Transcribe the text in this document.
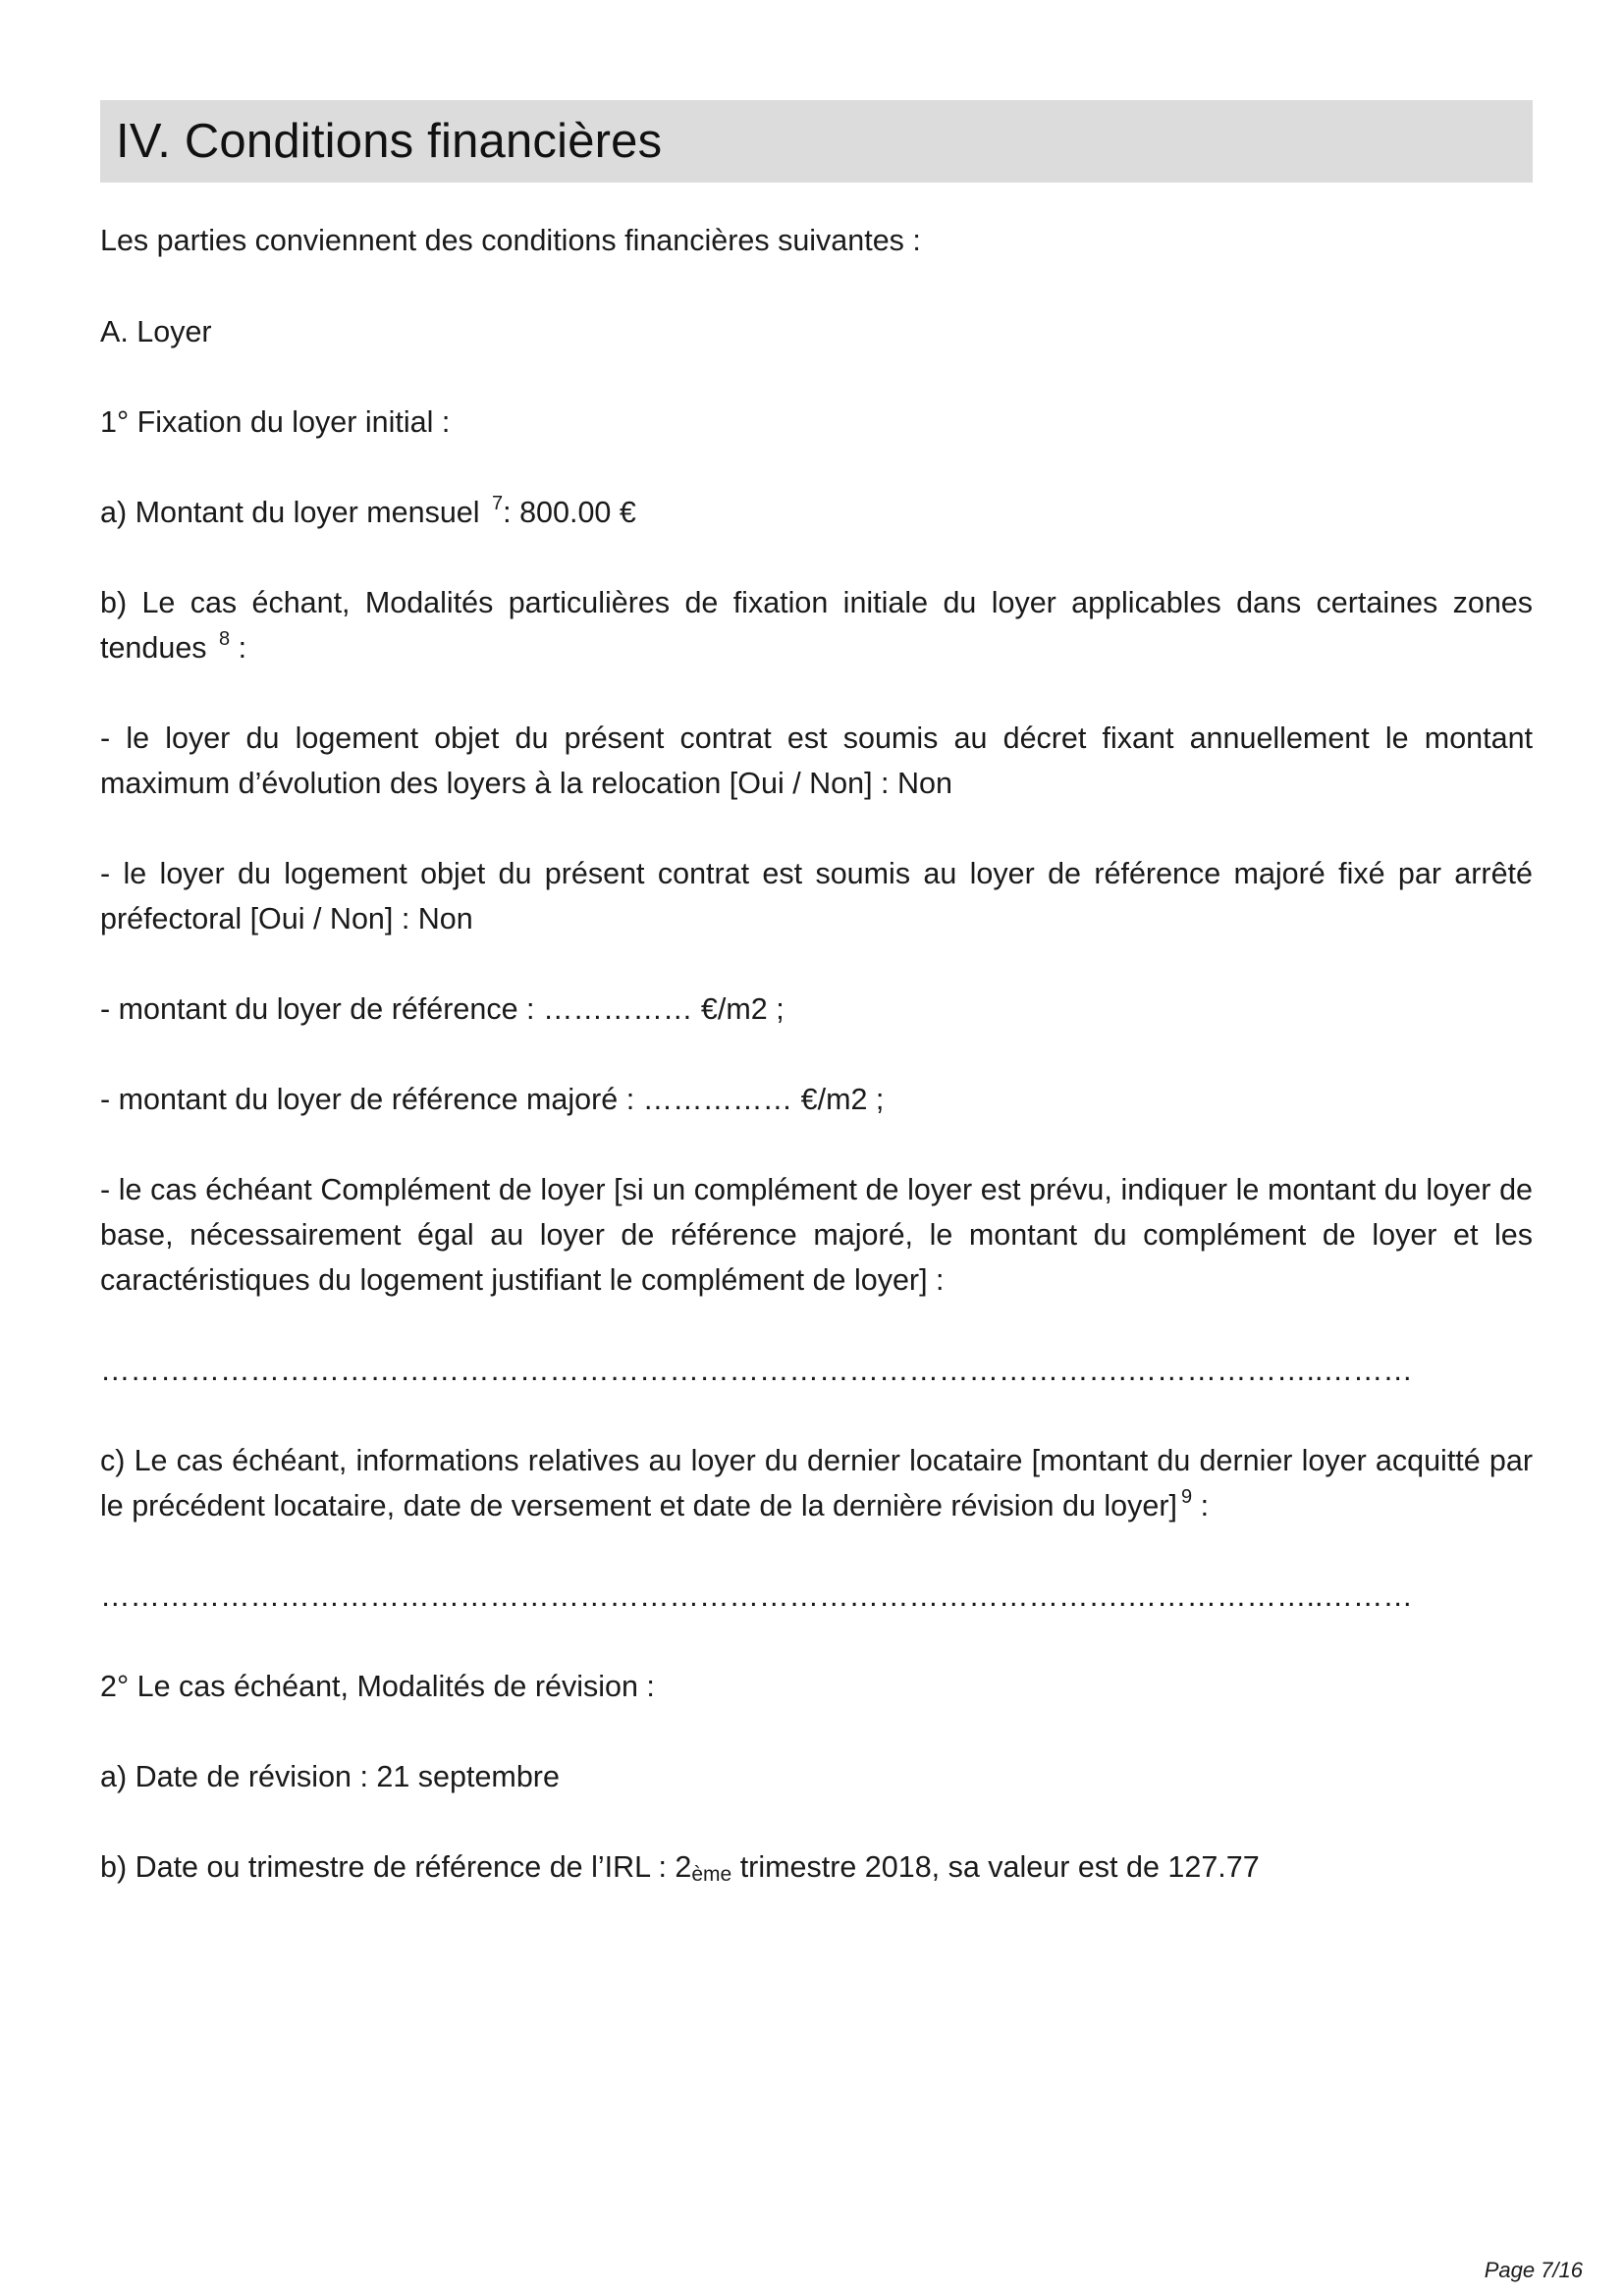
IV. Conditions financières

Les parties conviennent des conditions financières suivantes :

A. Loyer

1° Fixation du loyer initial :

a) Montant du loyer mensuel $^7$: 800.00 €

b) Le cas échant, Modalités particulières de fixation initiale du loyer applicables dans certaines zones tendues $^8$ :

- le loyer du logement objet du présent contrat est soumis au décret fixant annuellement le montant maximum d’évolution des loyers à la relocation [Oui / Non] : Non

- le loyer du logement objet du présent contrat est soumis au loyer de référence majoré fixé par arrêté préfectoral [Oui / Non] : Non

- montant du loyer de référence : …………… €/m2 ;

- montant du loyer de référence majoré : …………… €/m2 ;

- le cas échéant Complément de loyer [si un complément de loyer est prévu, indiquer le montant du loyer de base, nécessairement égal au loyer de référence majoré, le montant du complément de loyer et les caractéristiques du logement justifiant le complément de loyer] :

………………………………………………………………………………………….………………..………

c) Le cas échéant, informations relatives au loyer du dernier locataire [montant du dernier loyer acquitté par le précédent locataire, date de versement et date de la dernière révision du loyer] $^9$ :

………………………………………………………………………………………….………………..………

2° Le cas échéant, Modalités de révision :

a) Date de révision : 21 septembre

b) Date ou trimestre de référence de l’IRL : $2_{ème}$ trimestre 2018, sa valeur est de 127.77

Page 7/16
